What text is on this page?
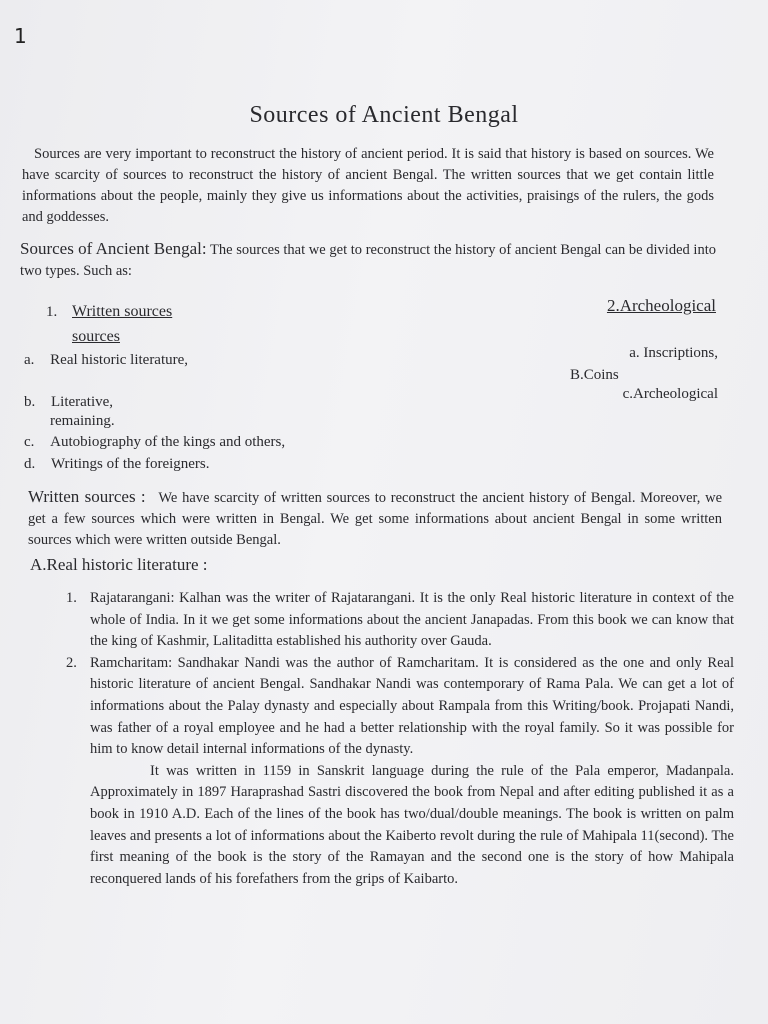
1
Sources of Ancient Bengal
Sources are very important to reconstruct the history of ancient period. It is said that history is based on sources. We have scarcity of sources to reconstruct the history of ancient Bengal. The written sources that we get contain little informations about the people, mainly they give us informations about the activities, praisings of the rulers, the gods and goddesses.
Sources of Ancient Bengal: The sources that we get to reconstruct the history of ancient Bengal can be divided into two types. Such as:
1. Written sources
sources
a. Real historic literature,
b. Literative,
remaining.
c. Autobiography of the kings and others,
d. Writings of the foreigners.
2.Archeological
a. Inscriptions,
B.Coins
c.Archeological
Written sources : We have scarcity of written sources to reconstruct the ancient history of Bengal. Moreover, we get a few sources which were written in Bengal. We get some informations about ancient Bengal in some written sources which were written outside Bengal.
A.Real historic literature :
1. Rajatarangani: Kalhan was the writer of Rajatarangani. It is the only Real historic literature in context of the whole of India. In it we get some informations about the ancient Janapadas. From this book we can know that the king of Kashmir, Lalitaditta established his authority over Gauda.
2. Ramcharitam: Sandhakar Nandi was the author of Ramcharitam. It is considered as the one and only Real historic literature of ancient Bengal. Sandhakar Nandi was contemporary of Rama Pala. We can get a lot of informations about the Palay dynasty and especially about Rampala from this Writing/book. Projapati Nandi, was father of a royal employee and he had a better relationship with the royal family. So it was possible for him to know detail internal informations of the dynasty.
It was written in 1159 in Sanskrit language during the rule of the Pala emperor, Madanpala. Approximately in 1897 Haraprashad Sastri discovered the book from Nepal and after editing published it as a book in 1910 A.D. Each of the lines of the book has two/dual/double meanings. The book is written on palm leaves and presents a lot of informations about the Kaiberto revolt during the rule of Mahipala 11(second). The first meaning of the book is the story of the Ramayan and the second one is the story of how Mahipala reconquered lands of his forefathers from the grips of Kaibarto.
